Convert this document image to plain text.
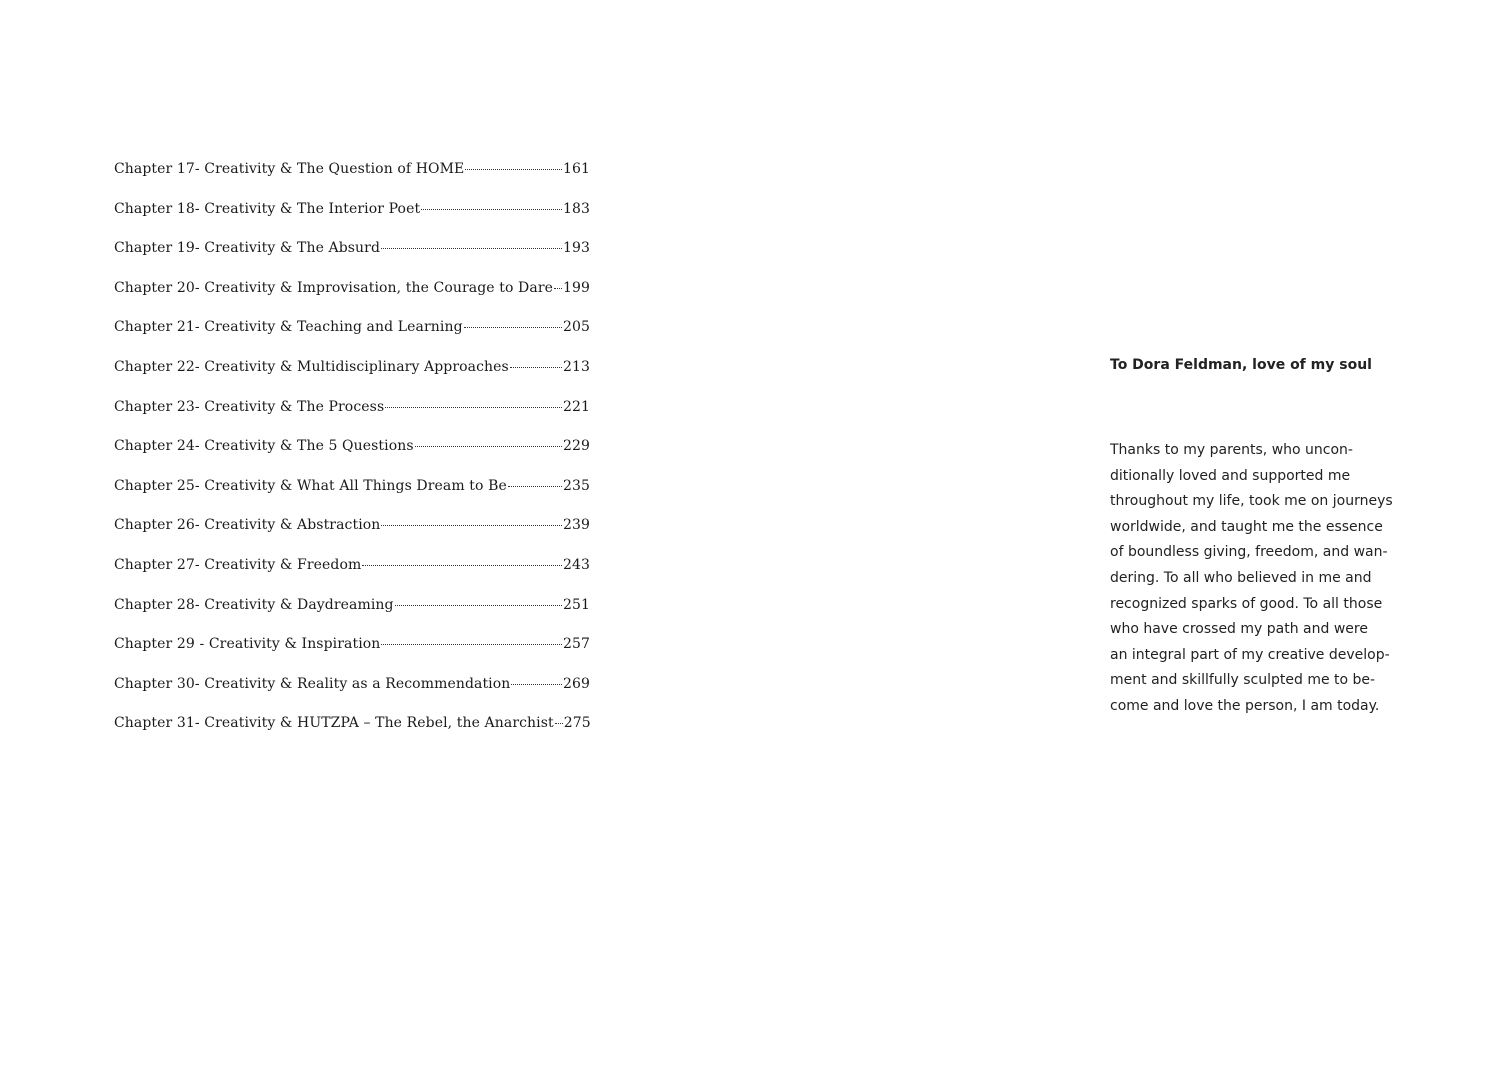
Chapter 17- Creativity & The Question of HOME	161
Chapter 18- Creativity & The Interior Poet	183
Chapter 19- Creativity & The Absurd	193
Chapter 20- Creativity & Improvisation, the Courage to Dare 199
Chapter 21- Creativity & Teaching and Learning	205
Chapter 22- Creativity & Multidisciplinary Approaches	213
Chapter 23- Creativity & The Process	221
Chapter 24- Creativity & The 5 Questions	229
Chapter 25- Creativity & What All Things Dream to Be	235
Chapter 26- Creativity & Abstraction	239
Chapter 27- Creativity & Freedom	243
Chapter 28- Creativity & Daydreaming	251
Chapter 29 - Creativity & Inspiration	257
Chapter 30- Creativity & Reality as a Recommendation	269
Chapter 31- Creativity & HUTZPA – The Rebel, the Anarchist 275

To Dora Feldman, love of my soul

Thanks to my parents, who uncon-
ditionally loved and supported me
throughout my life, took me on journeys
worldwide, and taught me the essence
of boundless giving, freedom, and wan-
dering. To all who believed in me and
recognized sparks of good. To all those
who have crossed my path and were
an integral part of my creative develop-
ment and skillfully sculpted me to be-
come and love the person, I am today.
